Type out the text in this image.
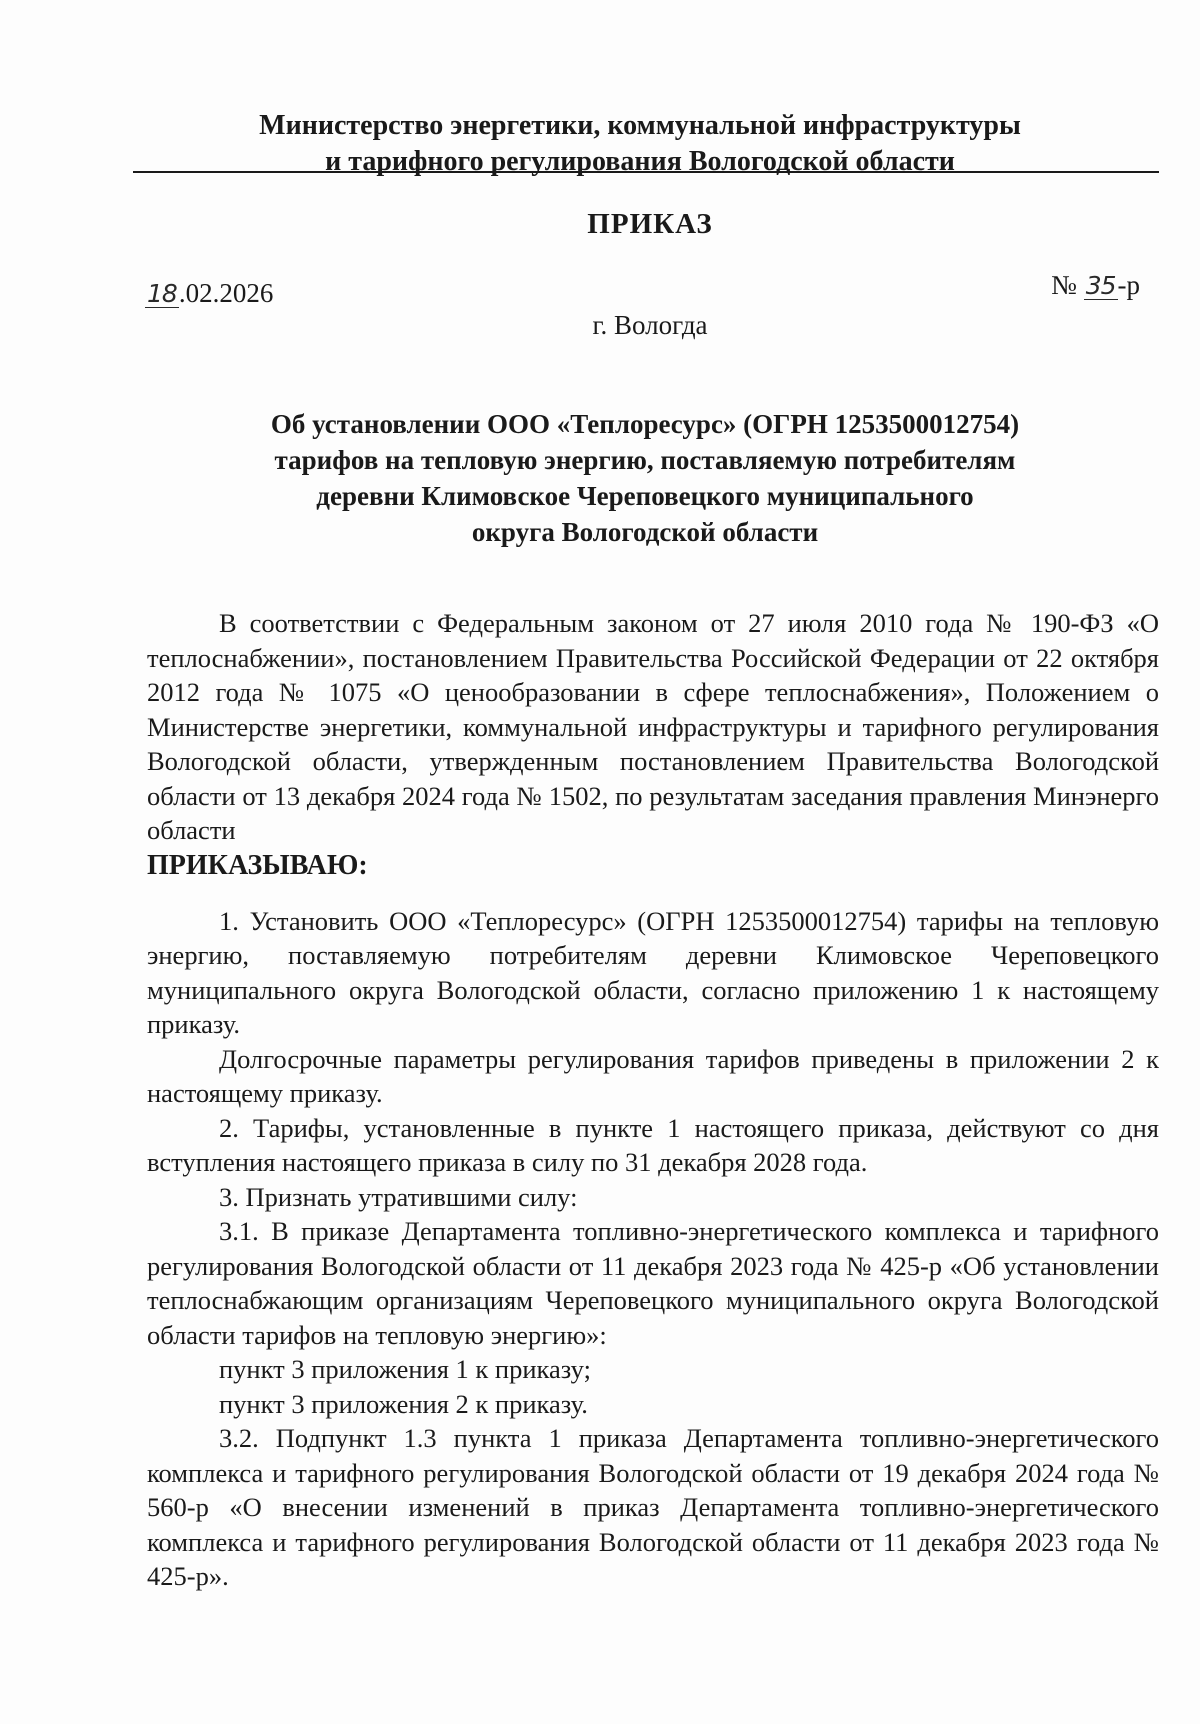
Министерство энергетики, коммунальной инфраструктуры
и тарифного регулирования Вологодской области
ПРИКАЗ
18.02.2026	№ 35-р
г. Вологда
Об установлении ООО «Теплоресурс» (ОГРН 1253500012754)
тарифов на тепловую энергию, поставляемую потребителям
деревни Климовское Череповецкого муниципального
округа Вологодской области

В соответствии с Федеральным законом от 27 июля 2010 года № 190-ФЗ «О теплоснабжении», постановлением Правительства Российской Федерации от 22 октября 2012 года № 1075 «О ценообразовании в сфере теплоснабжения», Положением о Министерстве энергетики, коммунальной инфраструктуры и тарифного регулирования Вологодской области, утвержденным постановлением Правительства Вологодской области от 13 декабря 2024 года № 1502, по результатам заседания правления Минэнерго области

ПРИКАЗЫВАЮ:

1. Установить ООО «Теплоресурс» (ОГРН 1253500012754) тарифы на тепловую энергию, поставляемую потребителям деревни Климовское Череповецкого муниципального округа Вологодской области, согласно приложению 1 к настоящему приказу.

Долгосрочные параметры регулирования тарифов приведены в приложении 2 к настоящему приказу.

2. Тарифы, установленные в пункте 1 настоящего приказа, действуют со дня вступления настоящего приказа в силу по 31 декабря 2028 года.

3. Признать утратившими силу:

3.1. В приказе Департамента топливно-энергетического комплекса и тарифного регулирования Вологодской области от 11 декабря 2023 года № 425-р «Об установлении теплоснабжающим организациям Череповецкого муниципального округа Вологодской области тарифов на тепловую энергию»:

пункт 3 приложения 1 к приказу;

пункт 3 приложения 2 к приказу.

3.2. Подпункт 1.3 пункта 1 приказа Департамента топливно-энергетического комплекса и тарифного регулирования Вологодской области от 19 декабря 2024 года № 560-р «О внесении изменений в приказ Департамента топливно-энергетического комплекса и тарифного регулирования Вологодской области от 11 декабря 2023 года № 425-р».
